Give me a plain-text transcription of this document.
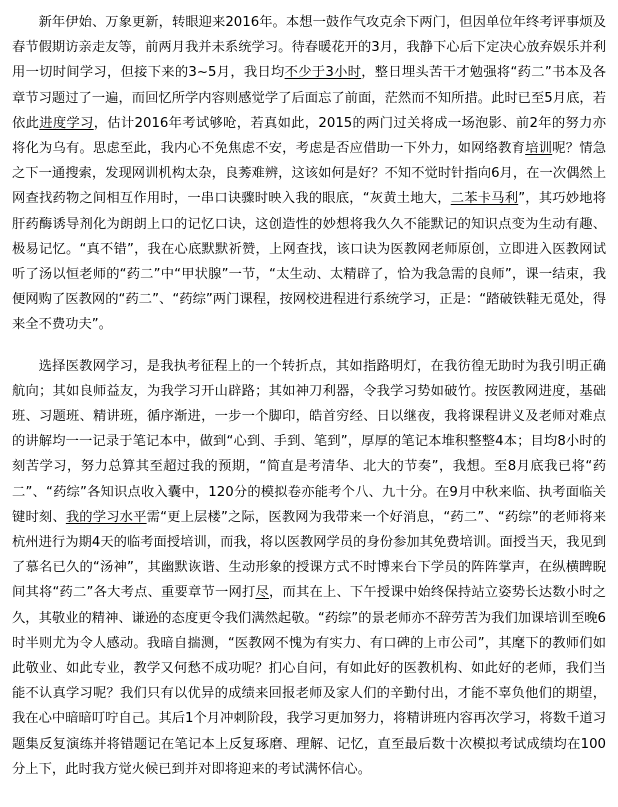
新年伊始、万象更新，转眼迎来2016年。本想一鼓作气攻克余下两门，但因单位年终考评事烦及春节假期访亲走友等，前两月我并未系统学习。待春暖花开的3月，我静下心后下定决心放弃娱乐并利用一切时间学习，但接下来的3~5月，我日均不少于3小时，整日埋头苦干才勉强将“药二”书本及各章节习题过了一遍，而回忆所学内容则感觉学了后面忘了前面，茫然而不知所措。此时已至5月底，若依此进度学习，估计2016年考试够呛，若真如此，2015的两门过关将成一场泡影、前2年的努力亦将化为乌有。思虑至此，我内心不免焦虑不安，考虑是否应借助一下外力，如网络教育培训呢？情急之下一通搜索，发现网训机构太杂，良莠难辨，这该如何是好？不知不觉时针指向6月，在一次偶然上网查找药物之间相互作用时，一串口诀骤时映入我的眼底，“灰黄土地大，二苯卡马利”，其巧妙地将肝药酶诱导剂化为朗朗上口的记忆口诀，这创造性的妙想将我久久不能默记的知识点变为生动有趣、极易记忆。“真不错”，我在心底默默祈赞，上网查找，该口诀为医教网老师原创，立即进入医教网试听了汤以恒老师的“药二”中“甲状腺”一节，“太生动、太精辟了，恰为我急需的良师”，课一结束，我便网购了医教网的“药二”、“药综”两门课程，按网校进程进行系统学习，正是：“踏破铁鞋无觅处，得来全不费功夫”。

选择医教网学习，是我执考征程上的一个转折点，其如指路明灯，在我彷徨无助时为我引明正确航向；其如良师益友，为我学习开山辟路；其如神刀利器，令我学习势如破竹。按医教网进度，基础班、习题班、精讲班，循序渐进，一步一个脚印，皓首穷经、日以继夜，我将课程讲义及老师对难点的讲解均一一记录于笔记本中，做到“心到、手到、笔到”，厚厚的笔记本堆积整整4本；目均8小时的刻苦学习，努力总算其至超过我的预期，“简直是考清华、北大的节奏”，我想。至8月底我已将“药二”、“药综”各知识点收入囊中，120分的模拟卷亦能考个八、九十分。在9月中秋来临、执考面临关键时刻、我的学习水平需“更上层楼”之际，医教网为我带来一个好消息，“药二”、“药综”的老师将来杭州进行为期4天的临考面授培训，而我，将以医教网学员的身份参加其免费培训。面授当天，我见到了慕名已久的“汤神”，其幽默诙谐、生动形象的授课方式不时博来台下学员的阵阵掌声，在纵横睥睨间其将“药二”各大考点、重要章节一网打尽，而其在上、下午授课中始终保持站立姿势长达数小时之久，其敬业的精神、谦逊的态度更令我们满然起敬。“药综”的景老师亦不辞劳苦为我们加课培训至晚6时半则尤为令人感动。我暗自揣测，“医教网不愧为有实力、有口碑的上市公司”，其麾下的教师们如此敬业、如此专业，教学又何愁不成功呢？扪心自问，有如此好的医教机构、如此好的老师，我们当能不认真学习呢？我们只有以优异的成绩来回报老师及家人们的辛勤付出，才能不辜负他们的期望，我在心中暗暗叮咛自己。其后1个月冲刺阶段，我学习更加努力，将精讲班内容再次学习，将数千道习题集反复演练并将错题记在笔记本上反复琢磨、理解、记忆，直至最后数十次模拟考试成绩均在100分上下，此时我方觉火候已到并对即将迎来的考试满怀信心。
